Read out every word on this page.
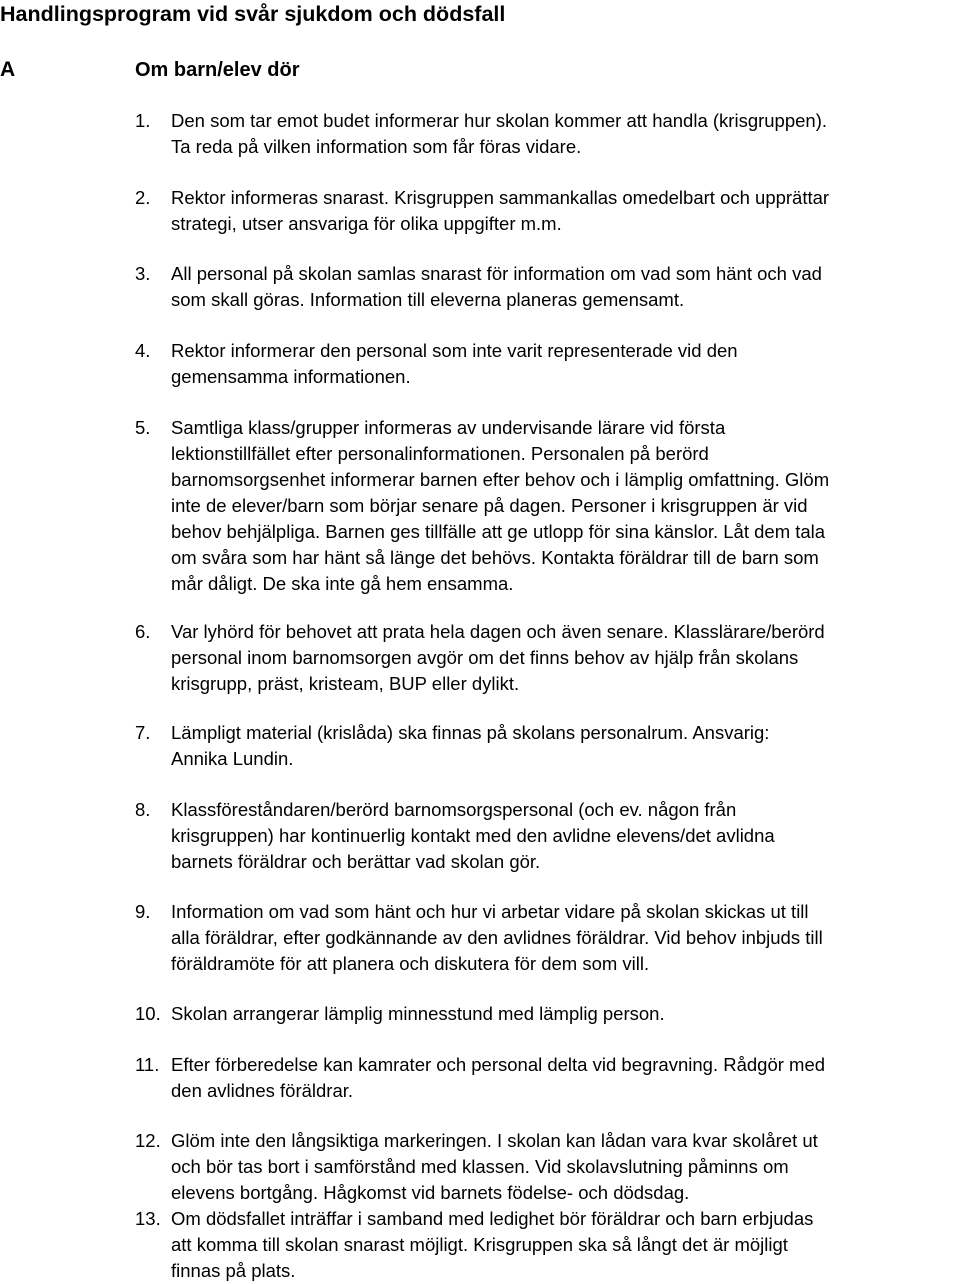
Handlingsprogram vid svår sjukdom och dödsfall
A	Om barn/elev dör
1. Den som tar emot budet informerar hur skolan kommer att handla (krisgruppen).
Ta reda på vilken information som får föras vidare.
2. Rektor informeras snarast. Krisgruppen sammankallas omedelbart och upprättar
strategi, utser ansvariga för olika uppgifter m.m.
3. All personal på skolan samlas snarast för information om vad som hänt och vad
som skall göras. Information till eleverna planeras gemensamt.
4. Rektor informerar den personal som inte varit representerade vid den
gemensamma informationen.
5. Samtliga klass/grupper informeras av undervisande lärare vid första
lektionstillfället efter personalinformationen. Personalen på berörd
barnomsorgsenhet informerar barnen efter behov och i lämplig omfattning. Glöm
inte de elever/barn som börjar senare på dagen. Personer i krisgruppen är vid
behov behjälpliga. Barnen ges tillfälle att ge utlopp för sina känslor. Låt dem tala
om svåra som har hänt så länge det behövs. Kontakta föräldrar till de barn som
mår dåligt. De ska inte gå hem ensamma.
6. Var lyhörd för behovet att prata hela dagen och även senare. Klasslärare/berörd
personal inom barnomsorgen avgör om det finns behov av hjälp från skolans
krisgrupp, präst, kristeam, BUP eller dylikt.
7. Lämpligt material (krislåda) ska finnas på skolans personalrum. Ansvarig:
Annika Lundin.
8. Klassföreståndaren/berörd barnomsorgspersonal (och ev. någon från
krisgruppen) har kontinuerlig kontakt med den avlidne elevens/det avlidna
barnets föräldrar och berättar vad skolan gör.
9. Information om vad som hänt och hur vi arbetar vidare på skolan skickas ut till
alla föräldrar, efter godkännande av den avlidnes föräldrar. Vid behov inbjuds till
föräldramöte för att planera och diskutera för dem som vill.
10. Skolan arrangerar lämplig minnesstund med lämplig person.
11. Efter förberedelse kan kamrater och personal delta vid begravning. Rådgör med
den avlidnes föräldrar.
12. Glöm inte den långsiktiga markeringen. I skolan kan lådan vara kvar skolåret ut
och bör tas bort i samförstånd med klassen. Vid skolavslutning påminns om
elevens bortgång. Hågkomst vid barnets födelse- och dödsdag.
13. Om dödsfallet inträffar i samband med ledighet bör föräldrar och barn erbjudas
att komma till skolan snarast möjligt. Krisgruppen ska så långt det är möjligt
finnas på plats.
